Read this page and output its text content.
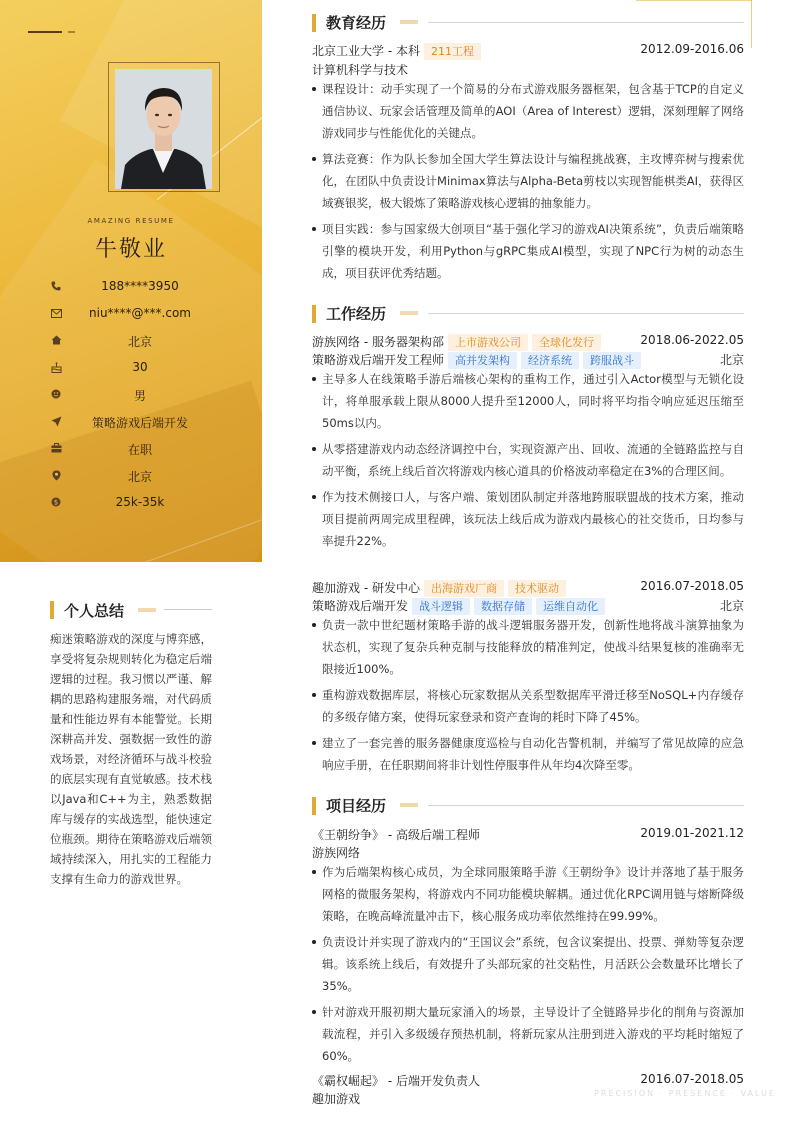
AMAZING RESUME
牛敬业
188****3950
niu****@***.com
北京
30
男
策略游戏后端开发
在职
北京
$	25k-35k
个人总结
痴迷策略游戏的深度与博弈感，享受将复杂规则转化为稳定后端逻辑的过程。我习惯以严谨、解耦的思路构建服务端，对代码质量和性能边界有本能警觉。长期深耕高并发、强数据一致性的游戏场景，对经济循环与战斗校验的底层实现有直觉敏感。技术栈以Java和C++为主，熟悉数据库与缓存的实战选型，能快速定位瓶颈。期待在策略游戏后端领域持续深入，用扎实的工程能力支撑有生命力的游戏世界。
教育经历
北京工业大学 - 本科 211工程	2012.09-2016.06
计算机科学与技术
课程设计：动手实现了一个简易的分布式游戏服务器框架，包含基于TCP的自定义通信协议、玩家会话管理及简单的AOI（Area of Interest）逻辑，深刻理解了网络游戏同步与性能优化的关键点。
算法竞赛：作为队长参加全国大学生算法设计与编程挑战赛，主攻博弈树与搜索优化，在团队中负责设计Minimax算法与Alpha-Beta剪枝以实现智能棋类AI，获得区域赛银奖，极大锻炼了策略游戏核心逻辑的抽象能力。
项目实践：参与国家级大创项目“基于强化学习的游戏AI决策系统”，负责后端策略引擎的模块开发，利用Python与gRPC集成AI模型，实现了NPC行为树的动态生成，项目获评优秀结题。
工作经历
游族网络 - 服务器架构部 上市游戏公司 全球化发行	2018.06-2022.05
策略游戏后端开发工程师 高并发架构 经济系统 跨服战斗	北京
主导多人在线策略手游后端核心架构的重构工作，通过引入Actor模型与无锁化设计，将单服承载上限从8000人提升至12000人，同时将平均指令响应延迟压缩至50ms以内。
从零搭建游戏内动态经济调控中台，实现资源产出、回收、流通的全链路监控与自动平衡，系统上线后首次将游戏内核心道具的价格波动率稳定在3%的合理区间。
作为技术侧接口人，与客户端、策划团队制定并落地跨服联盟战的技术方案，推动项目提前两周完成里程碑，该玩法上线后成为游戏内最核心的社交货币，日均参与率提升22%。
趣加游戏 - 研发中心 出海游戏厂商 技术驱动	2016.07-2018.05
策略游戏后端开发 战斗逻辑 数据存储 运维自动化	北京
负责一款中世纪题材策略手游的战斗逻辑服务器开发，创新性地将战斗演算抽象为状态机，实现了复杂兵种克制与技能释放的精准判定，使战斗结果复核的准确率无限接近100%。
重构游戏数据库层，将核心玩家数据从关系型数据库平滑迁移至NoSQL+内存缓存的多级存储方案，使得玩家登录和资产查询的耗时下降了45%。
建立了一套完善的服务器健康度巡检与自动化告警机制，并编写了常见故障的应急响应手册，在任职期间将非计划性停服事件从年均4次降至零。
项目经历
《王朝纷争》 - 高级后端工程师	2019.01-2021.12
游族网络
作为后端架构核心成员，为全球同服策略手游《王朝纷争》设计并落地了基于服务网格的微服务架构，将游戏内不同功能模块解耦。通过优化RPC调用链与熔断降级策略，在晚高峰流量冲击下，核心服务成功率依然维持在99.99%。
负责设计并实现了游戏内的“王国议会”系统，包含议案提出、投票、弹劾等复杂逻辑。该系统上线后，有效提升了头部玩家的社交粘性，月活跃公会数量环比增长了35%。
针对游戏开服初期大量玩家涌入的场景，主导设计了全链路异步化的削角与资源加载流程，并引入多级缓存预热机制，将新玩家从注册到进入游戏的平均耗时缩短了60%。
《霸权崛起》 - 后端开发负责人	2016.07-2018.05
趣加游戏	PRECISION · PRESENCE · VALUE
